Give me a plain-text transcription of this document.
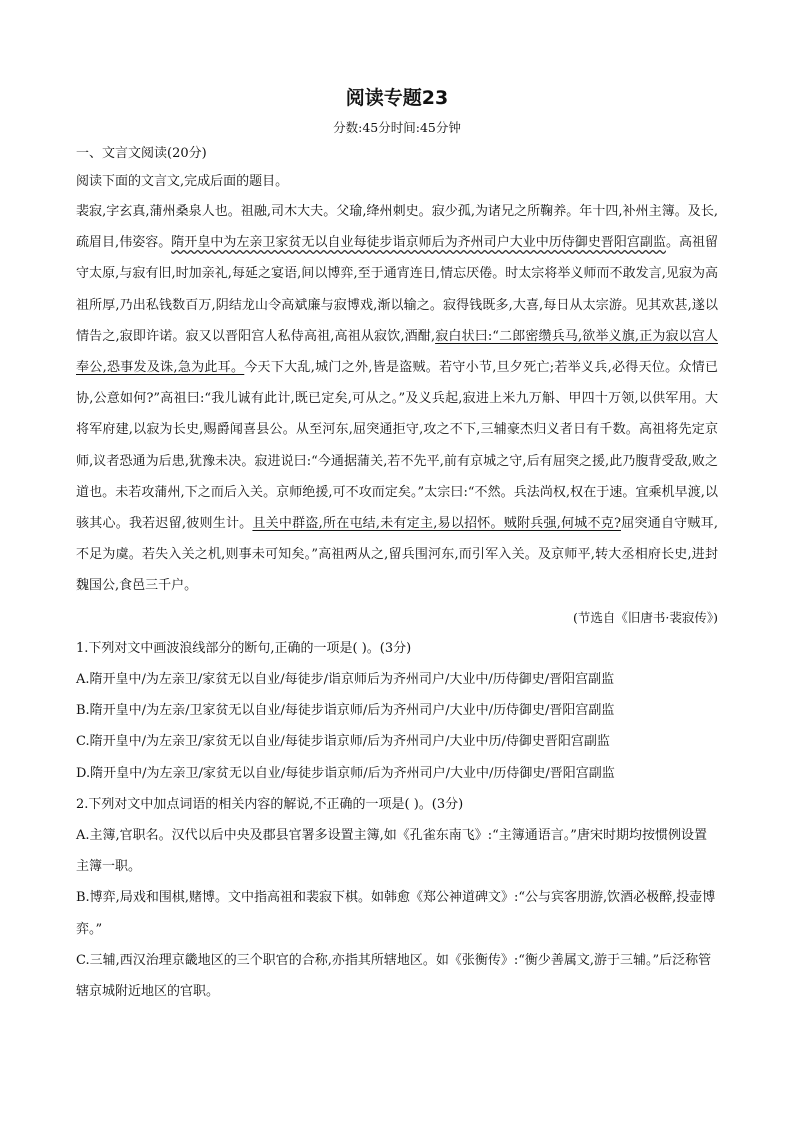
阅读专题23
分数:45分时间:45分钟
一、文言文阅读(20分)
阅读下面的文言文,完成后面的题目。

裴寂,字玄真,蒲州桑泉人也。祖融,司木大夫。父瑜,绛州刺史。寂少孤,为诸兄之所鞠养。年十四,补州主簿。及长,疏眉目,伟姿容。隋开皇中为左亲卫家贫无以自业每徒步诣京师后为齐州司户大业中历侍御史晋阳宫副监。高祖留守太原,与寂有旧,时加亲礼,每延之宴语,间以博弈,至于通宵连日,情忘厌倦。时太宗将举义师而不敢发言,见寂为高祖所厚,乃出私钱数百万,阴结龙山令高斌廉与寂博戏,渐以输之。寂得钱既多,大喜,每日从太宗游。见其欢甚,遂以情告之,寂即许诺。寂又以晋阳宫人私侍高祖,高祖从寂饮,酒酣,寂白状曰:“二郎密缵兵马,欲举义旗,正为寂以宫人奉公,恐事发及诛,急为此耳。今天下大乱,城门之外,皆是盗贼。若守小节,旦夕死亡;若举义兵,必得天位。众情已协,公意如何?”高祖曰:“我儿诚有此计,既已定矣,可从之。”及义兵起,寂进上米九万斛、甲四十万领,以供军用。大将军府建,以寂为长史,赐爵闻喜县公。从至河东,屈突通拒守,攻之不下,三辅豪杰归义者日有千数。高祖将先定京师,议者恐通为后患,犹豫未决。寂进说曰:“今通据蒲关,若不先平,前有京城之守,后有屈突之援,此乃腹背受敌,败之道也。未若攻蒲州,下之而后入关。京师绝援,可不攻而定矣。”太宗曰:“不然。兵法尚权,权在于速。宜乘机早渡,以骇其心。我若迟留,彼则生计。且关中群盗,所在屯结,未有定主,易以招怀。贼附兵强,何城不克?屈突通自守贼耳,不足为虞。若失入关之机,则事未可知矣。”高祖两从之,留兵围河东,而引军入关。及京师平,转大丞相府长史,进封魏国公,食邑三千户。

(节选自《旧唐书·裴寂传》)

1.下列对文中画波浪线部分的断句,正确的一项是( )。(3分)

A.隋开皇中/为左亲卫/家贫无以自业/每徒步/诣京师后为齐州司户/大业中/历侍御史/晋阳宫副监

B.隋开皇中/为左亲/卫家贫无以自业/每徒步诣京师/后为齐州司户/大业中/历侍御史/晋阳宫副监

C.隋开皇中/为左亲卫/家贫无以自业/每徒步诣京师/后为齐州司户/大业中历/侍御史晋阳宫副监

D.隋开皇中/为左亲卫/家贫无以自业/每徒步诣京师/后为齐州司户/大业中/历侍御史/晋阳宫副监

2.下列对文中加点词语的相关内容的解说,不正确的一项是( )。(3分)

A.主簿,官职名。汉代以后中央及郡县官署多设置主簿,如《孔雀东南飞》:“主簿通语言。”唐宋时期均按惯例设置主簿一职。

B.博弈,局戏和围棋,赌博。文中指高祖和裴寂下棋。如韩愈《郑公神道碑文》:“公与宾客朋游,饮酒必极醉,投壶博弈。”

C.三辅,西汉治理京畿地区的三个职官的合称,亦指其所辖地区。如《张衡传》:“衡少善属文,游于三辅。”后泛称管辖京城附近地区的官职。
